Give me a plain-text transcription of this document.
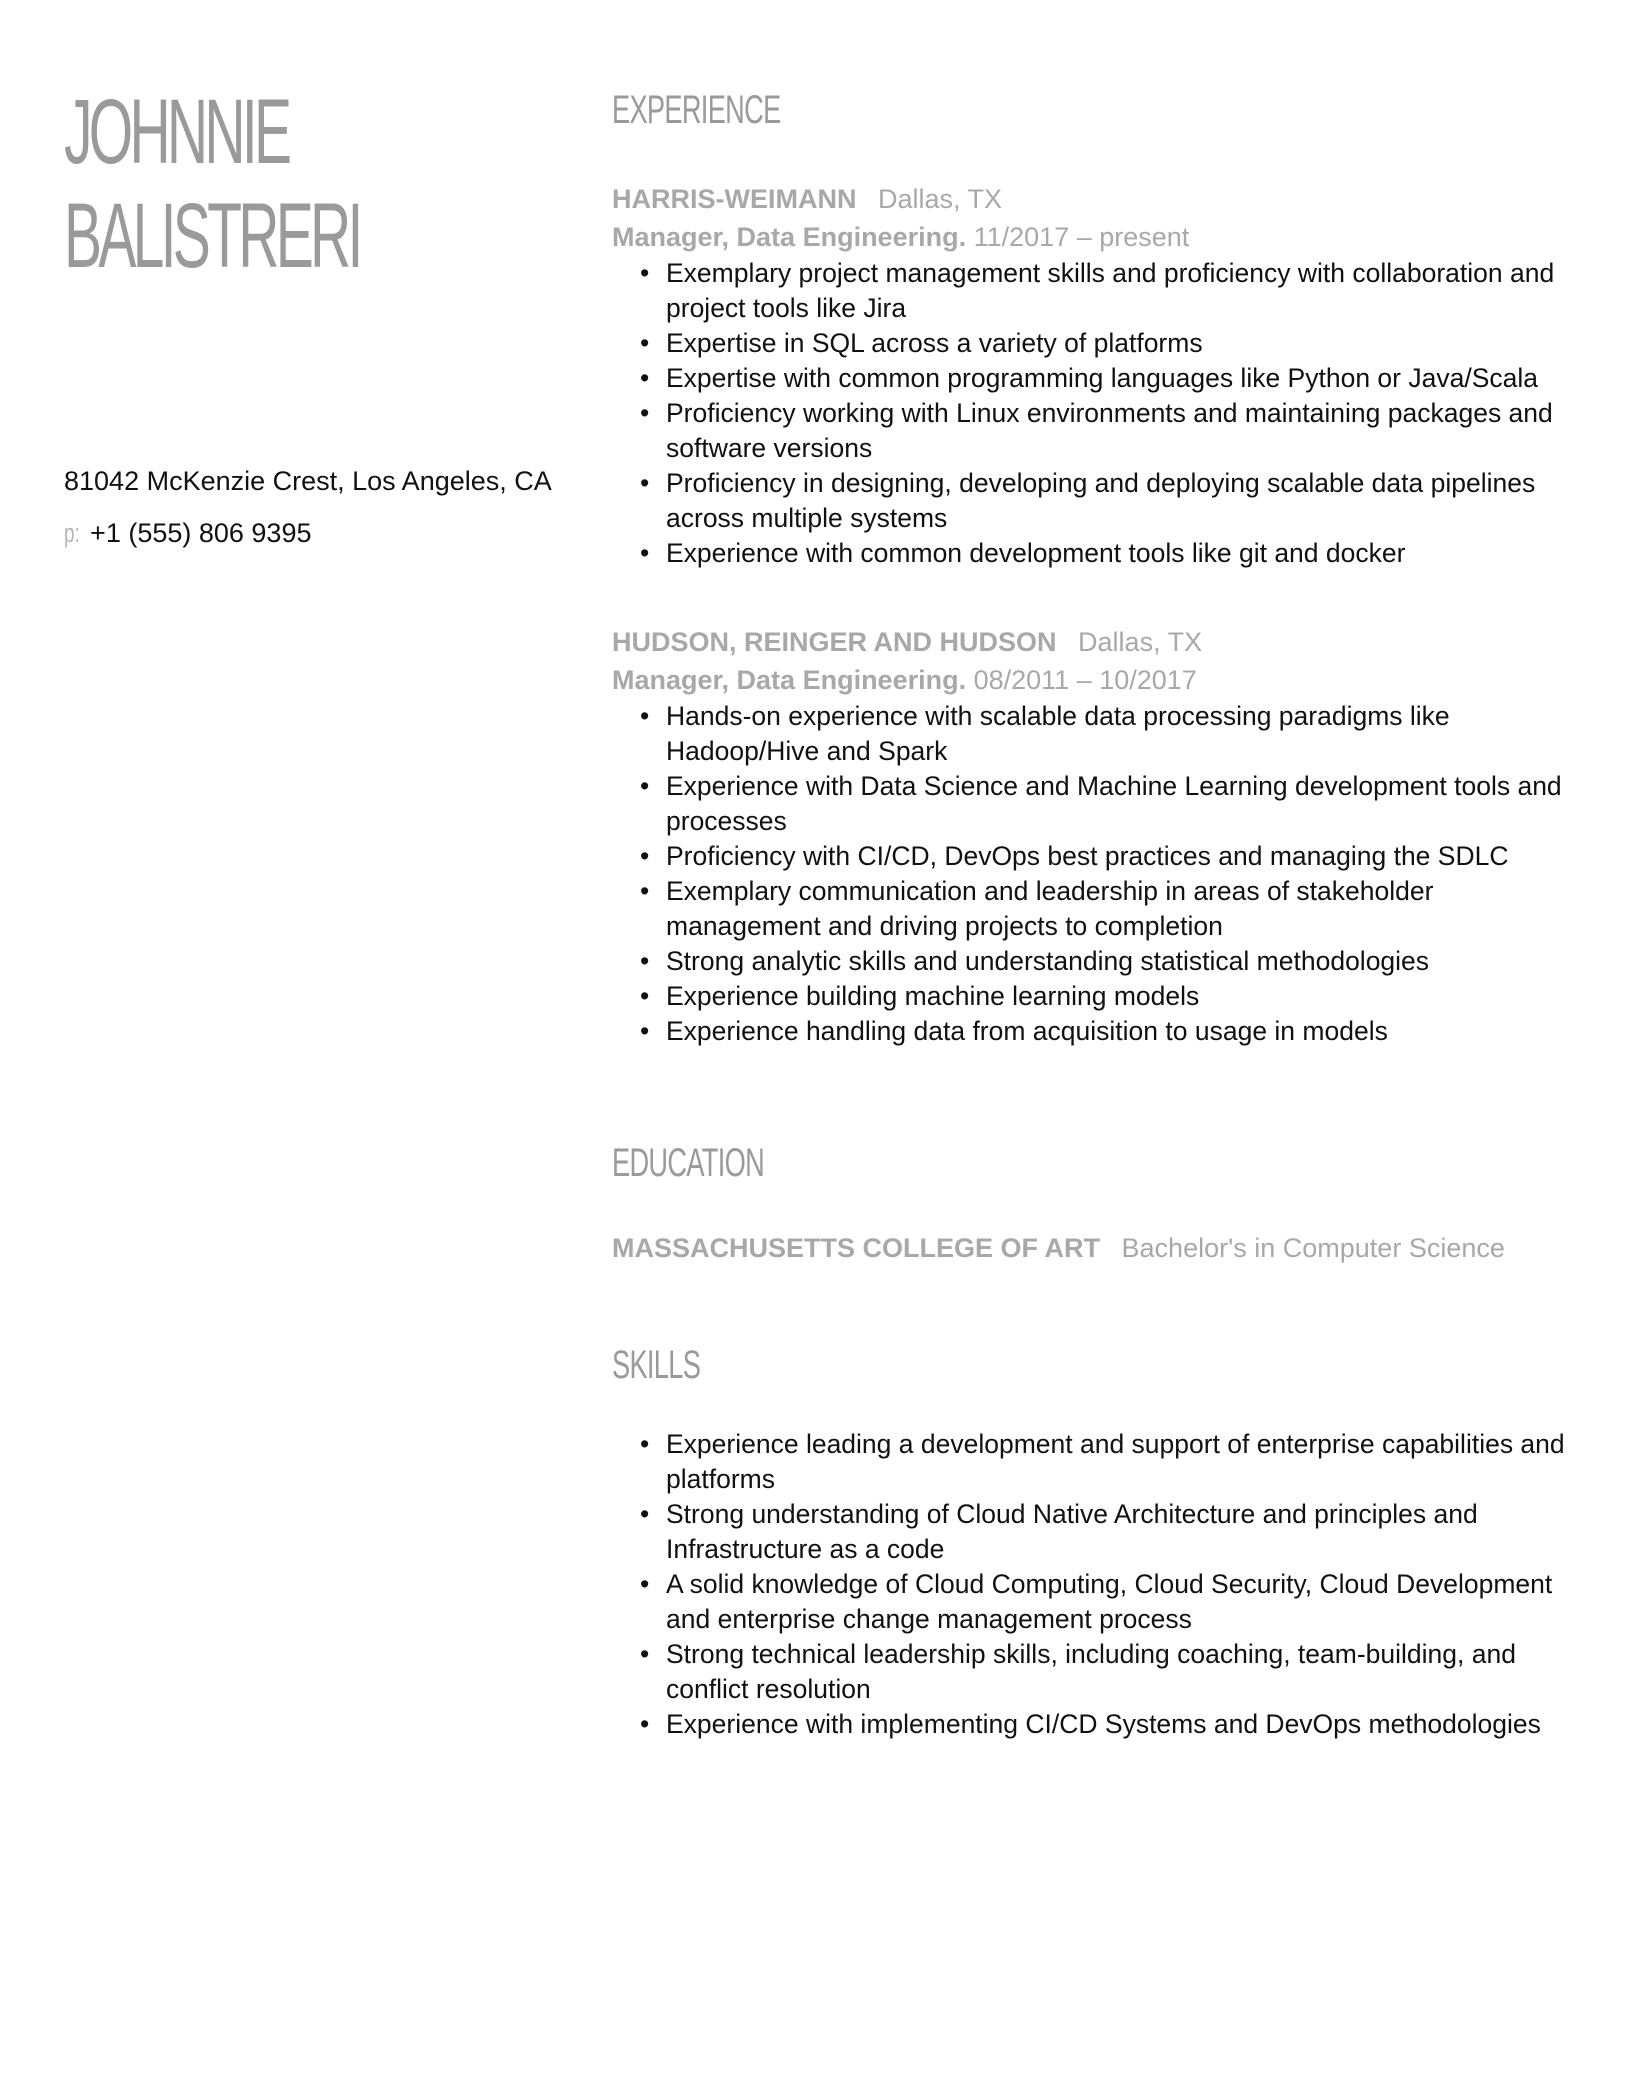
JOHNNIE
BALISTRERI
81042 McKenzie Crest, Los Angeles, CA
p: +1 (555) 806 9395
EXPERIENCE
HARRIS-WEIMANN Dallas, TX
Manager, Data Engineering. 11/2017 – present
• Exemplary project management skills and proficiency with collaboration and project tools like Jira
• Expertise in SQL across a variety of platforms
• Expertise with common programming languages like Python or Java/Scala
• Proficiency working with Linux environments and maintaining packages and software versions
• Proficiency in designing, developing and deploying scalable data pipelines across multiple systems
• Experience with common development tools like git and docker
HUDSON, REINGER AND HUDSON Dallas, TX
Manager, Data Engineering. 08/2011 – 10/2017
• Hands-on experience with scalable data processing paradigms like Hadoop/Hive and Spark
• Experience with Data Science and Machine Learning development tools and processes
• Proficiency with CI/CD, DevOps best practices and managing the SDLC
• Exemplary communication and leadership in areas of stakeholder management and driving projects to completion
• Strong analytic skills and understanding statistical methodologies
• Experience building machine learning models
• Experience handling data from acquisition to usage in models
EDUCATION
MASSACHUSETTS COLLEGE OF ART Bachelor's in Computer Science
SKILLS
• Experience leading a development and support of enterprise capabilities and platforms
• Strong understanding of Cloud Native Architecture and principles and Infrastructure as a code
• A solid knowledge of Cloud Computing, Cloud Security, Cloud Development and enterprise change management process
• Strong technical leadership skills, including coaching, team-building, and conflict resolution
• Experience with implementing CI/CD Systems and DevOps methodologies
